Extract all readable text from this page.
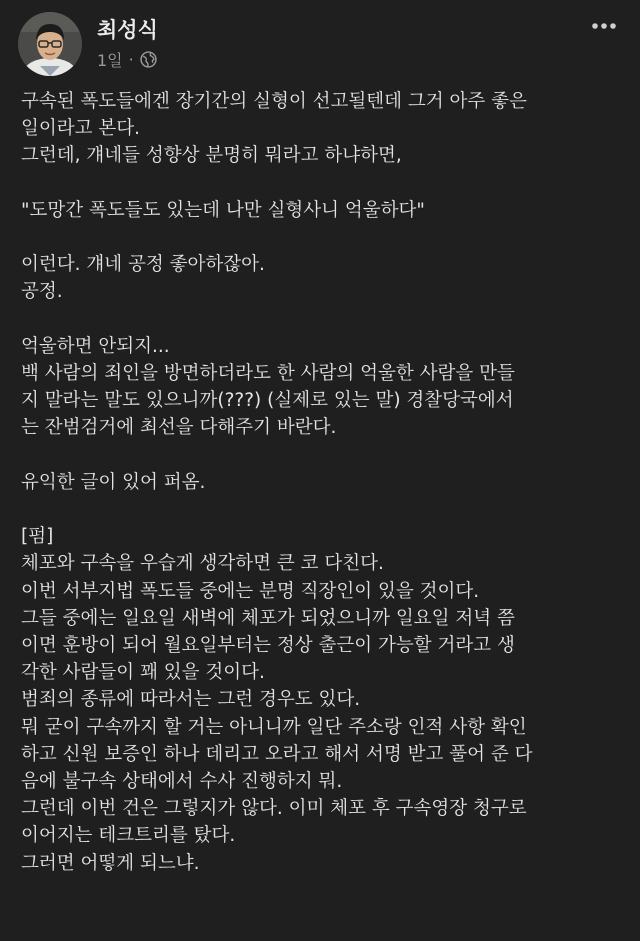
최성식
1일 ·
구속된 폭도들에겐 장기간의 실형이 선고될텐데 그거 아주 좋은
일이라고 본다.
그런데, 걔네들 성향상 분명히 뭐라고 하냐하면,
"도망간 폭도들도 있는데 나만 실형사니 억울하다"
이런다. 걔네 공정 좋아하잖아.
공정.
억울하면 안되지...
백 사람의 죄인을 방면하더라도 한 사람의 억울한 사람을 만들
지 말라는 말도 있으니까(???) (실제로 있는 말) 경찰당국에서
는 잔범검거에 최선을 다해주기 바란다.
유익한 글이 있어 퍼옴.
[펌]
체포와 구속을 우습게 생각하면 큰 코 다친다.
이번 서부지법 폭도들 중에는 분명 직장인이 있을 것이다.
그들 중에는 일요일 새벽에 체포가 되었으니까 일요일 저녁 쯤
이면 훈방이 되어 월요일부터는 정상 출근이 가능할 거라고 생
각한 사람들이 꽤 있을 것이다.
범죄의 종류에 따라서는 그런 경우도 있다.
뭐 굳이 구속까지 할 거는 아니니까 일단 주소랑 인적 사항 확인
하고 신원 보증인 하나 데리고 오라고 해서 서명 받고 풀어 준 다
음에 불구속 상태에서 수사 진행하지 뭐.
그런데 이번 건은 그렇지가 않다. 이미 체포 후 구속영장 청구로
이어지는 테크트리를 탔다.
그러면 어떻게 되느냐.
